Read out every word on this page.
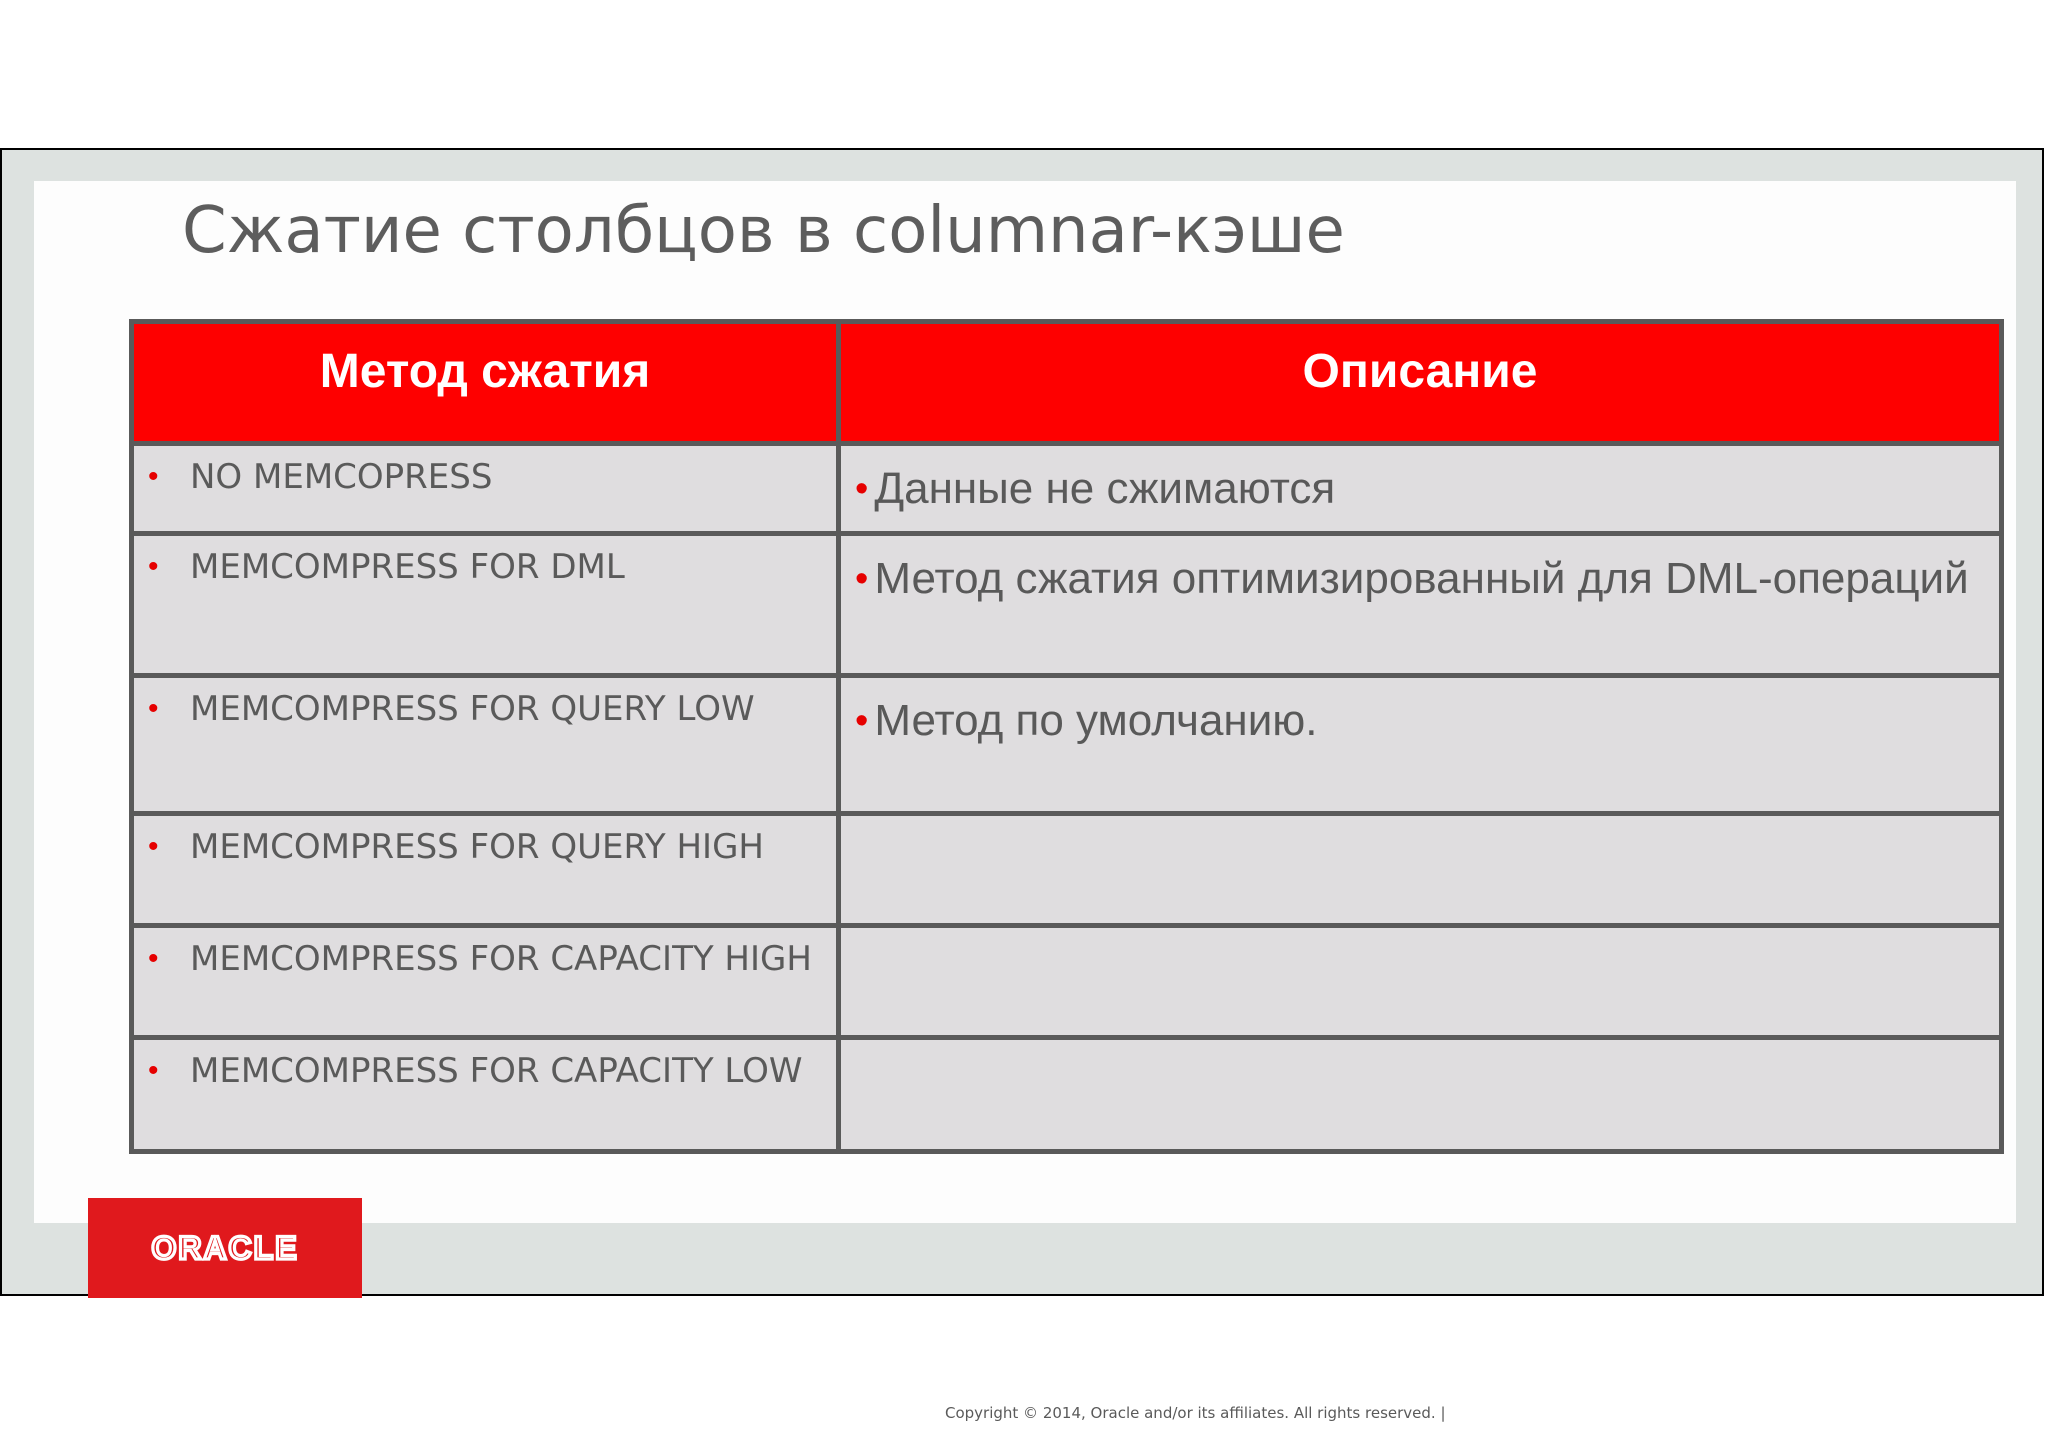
Сжатие столбцов в columnar-кэше
Метод сжатия	Описание
• NO MEMCOPRESS	• Данные не сжимаются
• MEMCOMPRESS FOR DML	• Метод сжатия оптимизированный для DML-операций
• MEMCOMPRESS FOR QUERY LOW	• Метод по умолчанию.
• MEMCOMPRESS FOR QUERY HIGH	
• MEMCOMPRESS FOR CAPACITY HIGH	
• MEMCOMPRESS FOR CAPACITY LOW	
Copyright © 2014, Oracle and/or its affiliates. All rights reserved. |
ORACLE
